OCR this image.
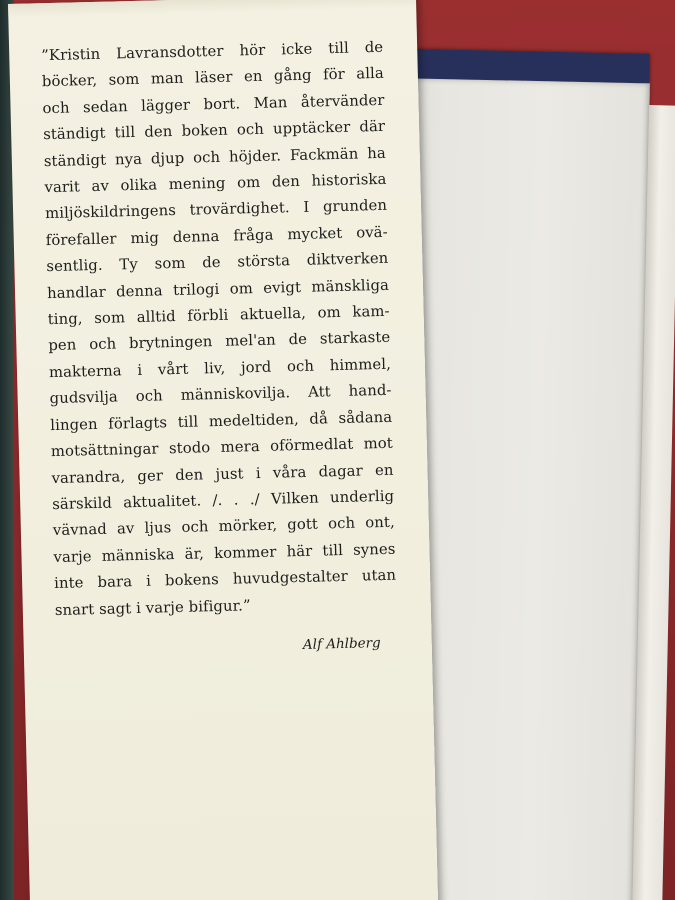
”Kristin Lavransdotter hör icke till de
böcker, som man läser en gång för alla
och sedan lägger bort. Man återvänder
ständigt till den boken och upptäcker där
ständigt nya djup och höjder. Fackmän ha
varit av olika mening om den historiska
miljöskildringens trovärdighet. I grunden
förefaller mig denna fråga mycket ovä-
sentlig. Ty som de största diktverken
handlar denna trilogi om evigt mänskliga
ting, som alltid förbli aktuella, om kam-
pen och brytningen mel'an de starkaste
makterna i vårt liv, jord och himmel,
gudsvilja och människovilja. Att hand-
lingen förlagts till medeltiden, då sådana
motsättningar stodo mera oförmedlat mot
varandra, ger den just i våra dagar en
särskild aktualitet. /. . ./ Vilken underlig
vävnad av ljus och mörker, gott och ont,
varje människa är, kommer här till synes
inte bara i bokens huvudgestalter utan
snart sagt i varje bifigur.”

Alf Ahlberg
